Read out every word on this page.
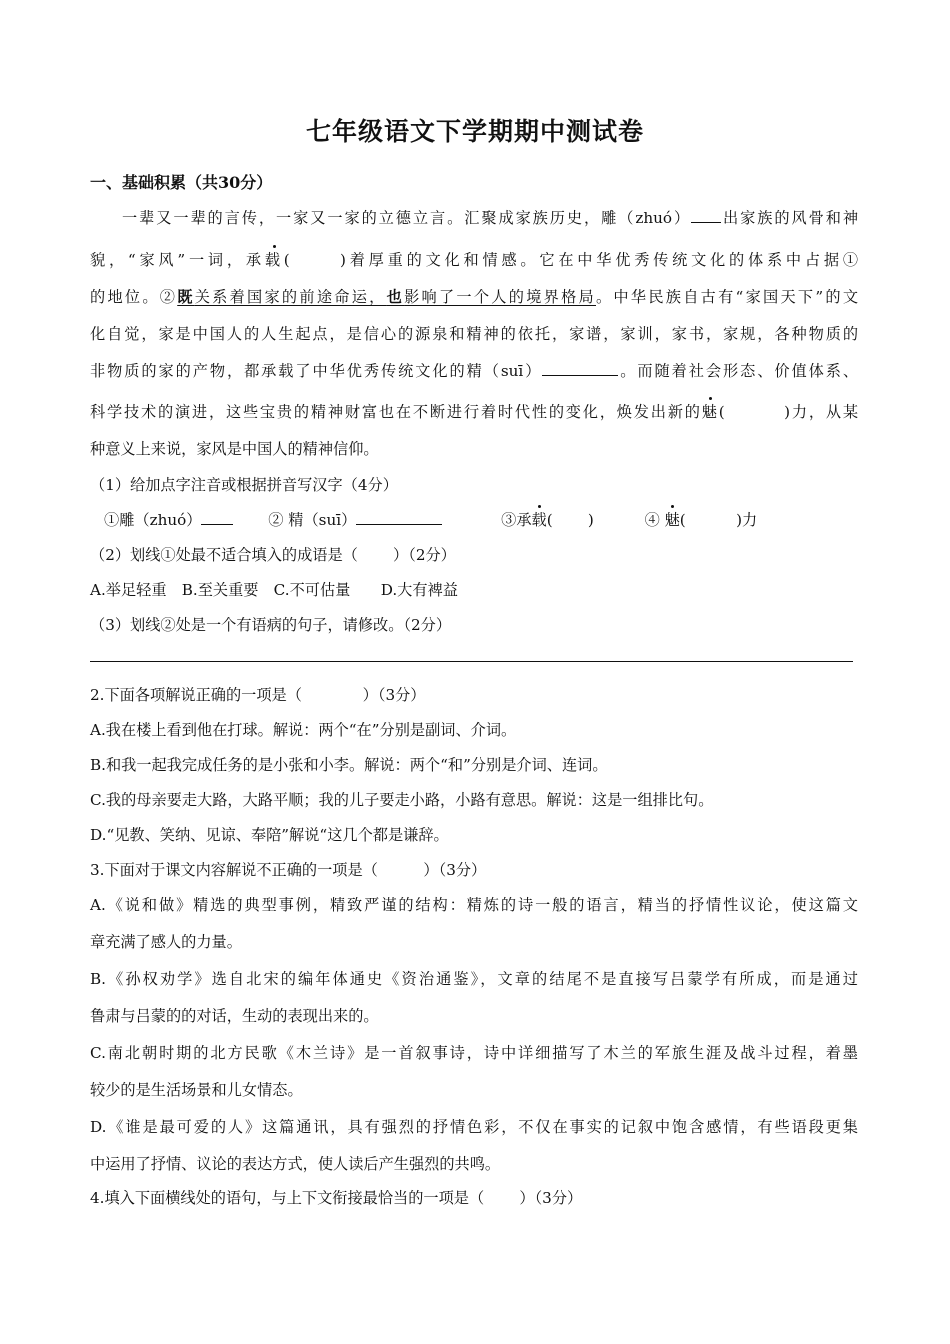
七年级语文下学期期中测试卷
一、基础积累（共30分）
一辈又一辈的言传，一家又一家的立德立言。汇聚成家族历史，雕（zhuó） 出家族的风骨和神
貌，“家风”一词，承载(　　 )着厚重的文化和情感。它在中华优秀传统文化的体系中占据①
的地位。②既关系着国家的前途命运，也影响了一个人的境界格局。中华民族自古有“家国天下”的文
化自觉，家是中国人的人生起点，是信心的源泉和精神的依托，家谱，家训，家书，家规，各种物质的
非物质的家的产物，都承载了中华优秀传统文化的精（suī）	。而随着社会形态、价值体系、
科学技术的演进，这些宝贵的精神财富也在不断进行着时代性的变化，焕发出新的魅(　　　 )力，从某
种意义上来说，家风是中国人的精神信仰。
（1）给加点字注音或根据拼音写汉字（4分）
①雕（zhuó）	② 精（suī）	③承载(　　 )	④ 魅(　　　 )力
（2）划线①处最不适合填入的成语是（　　 ）（2分）
A.举足轻重　B.至关重要　C.不可估量　　D.大有裨益
（3）划线②处是一个有语病的句子，请修改。（2分）
2.下面各项解说正确的一项是（　　　　）（3分）
A.我在楼上看到他在打球。解说：两个“在”分别是副词、介词。
B.和我一起我完成任务的是小张和小李。解说：两个“和”分别是介词、连词。
C.我的母亲要走大路，大路平顺；我的儿子要走小路，小路有意思。解说：这是一组排比句。
D.“见教、笑纳、见谅、奉陪”解说“这几个都是谦辞。
3.下面对于课文内容解说不正确的一项是（　　　）（3分）
A.《说和做》精选的典型事例，精致严谨的结构：精炼的诗一般的语言，精当的抒情性议论，使这篇文
章充满了感人的力量。
B.《孙权劝学》选自北宋的编年体通史《资治通鉴》，文章的结尾不是直接写吕蒙学有所成，而是通过
鲁肃与吕蒙的的对话，生动的表现出来的。
C.南北朝时期的北方民歌《木兰诗》是一首叙事诗，诗中详细描写了木兰的军旅生涯及战斗过程，着墨
较少的是生活场景和儿女情态。
D.《谁是最可爱的人》这篇通讯，具有强烈的抒情色彩，不仅在事实的记叙中饱含感情，有些语段更集
中运用了抒情、议论的表达方式，使人读后产生强烈的共鸣。
4.填入下面横线处的语句，与上下文衔接最恰当的一项是（　　 ）（3分）
